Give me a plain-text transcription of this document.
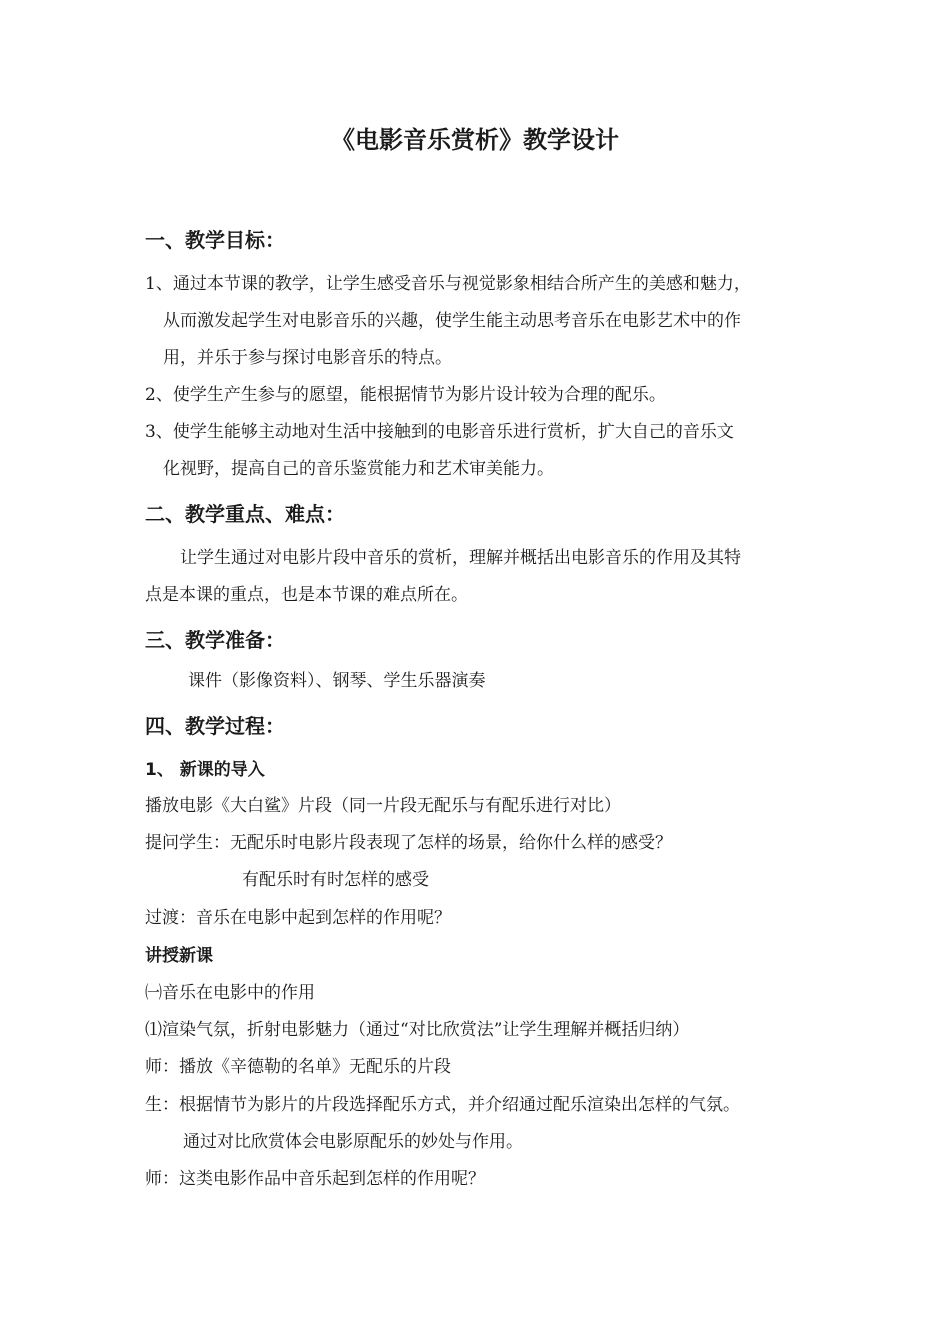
《电影音乐赏析》教学设计
一、教学目标：
1、通过本节课的教学，让学生感受音乐与视觉影象相结合所产生的美感和魅力，
从而激发起学生对电影音乐的兴趣，使学生能主动思考音乐在电影艺术中的作
用，并乐于参与探讨电影音乐的特点。
2、使学生产生参与的愿望，能根据情节为影片设计较为合理的配乐。
3、使学生能够主动地对生活中接触到的电影音乐进行赏析，扩大自己的音乐文
化视野，提高自己的音乐鉴赏能力和艺术审美能力。
二、教学重点、难点：
让学生通过对电影片段中音乐的赏析，理解并概括出电影音乐的作用及其特
点是本课的重点，也是本节课的难点所在。
三、教学准备：
课件（影像资料）、钢琴、学生乐器演奏
四、教学过程：
1、 新课的导入
播放电影《大白鲨》片段（同一片段无配乐与有配乐进行对比）
提问学生：无配乐时电影片段表现了怎样的场景，给你什么样的感受？
有配乐时有时怎样的感受
过渡：音乐在电影中起到怎样的作用呢？
讲授新课
㈠音乐在电影中的作用
⑴渲染气氛，折射电影魅力（通过“对比欣赏法”让学生理解并概括归纳）
师：播放《辛德勒的名单》无配乐的片段
生：根据情节为影片的片段选择配乐方式，并介绍通过配乐渲染出怎样的气氛。
通过对比欣赏体会电影原配乐的妙处与作用。
师：这类电影作品中音乐起到怎样的作用呢？
